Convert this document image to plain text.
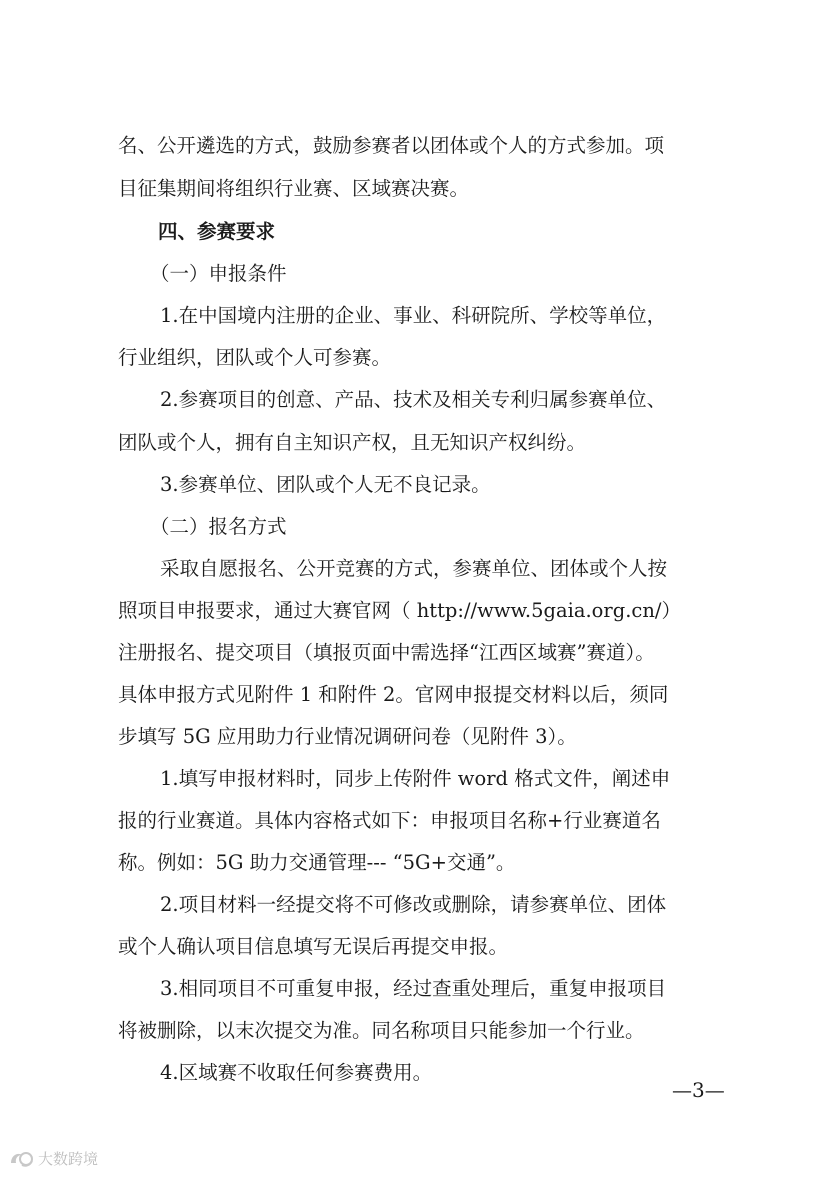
名、公开遴选的方式，鼓励参赛者以团体或个人的方式参加。项
目征集期间将组织行业赛、区域赛决赛。
四、参赛要求
（一）申报条件
1.在中国境内注册的企业、事业、科研院所、学校等单位，
行业组织，团队或个人可参赛。
2.参赛项目的创意、产品、技术及相关专利归属参赛单位、
团队或个人，拥有自主知识产权，且无知识产权纠纷。
3.参赛单位、团队或个人无不良记录。
（二）报名方式
采取自愿报名、公开竞赛的方式，参赛单位、团体或个人按
照项目申报要求，通过大赛官网（ http://www.5gaia.org.cn/）
注册报名、提交项目（填报页面中需选择“江西区域赛”赛道）。
具体申报方式见附件 1 和附件 2。官网申报提交材料以后，须同
步填写 5G 应用助力行业情况调研问卷（见附件 3）。
1.填写申报材料时，同步上传附件 word 格式文件，阐述申
报的行业赛道。具体内容格式如下：申报项目名称+行业赛道名
称。例如：5G 助力交通管理--- “5G+交通”。
2.项目材料一经提交将不可修改或删除，请参赛单位、团体
或个人确认项目信息填写无误后再提交申报。
3.相同项目不可重复申报，经过查重处理后，重复申报项目
将被删除，以末次提交为准。同名称项目只能参加一个行业。
4.区域赛不收取任何参赛费用。
—3—
大数跨境
